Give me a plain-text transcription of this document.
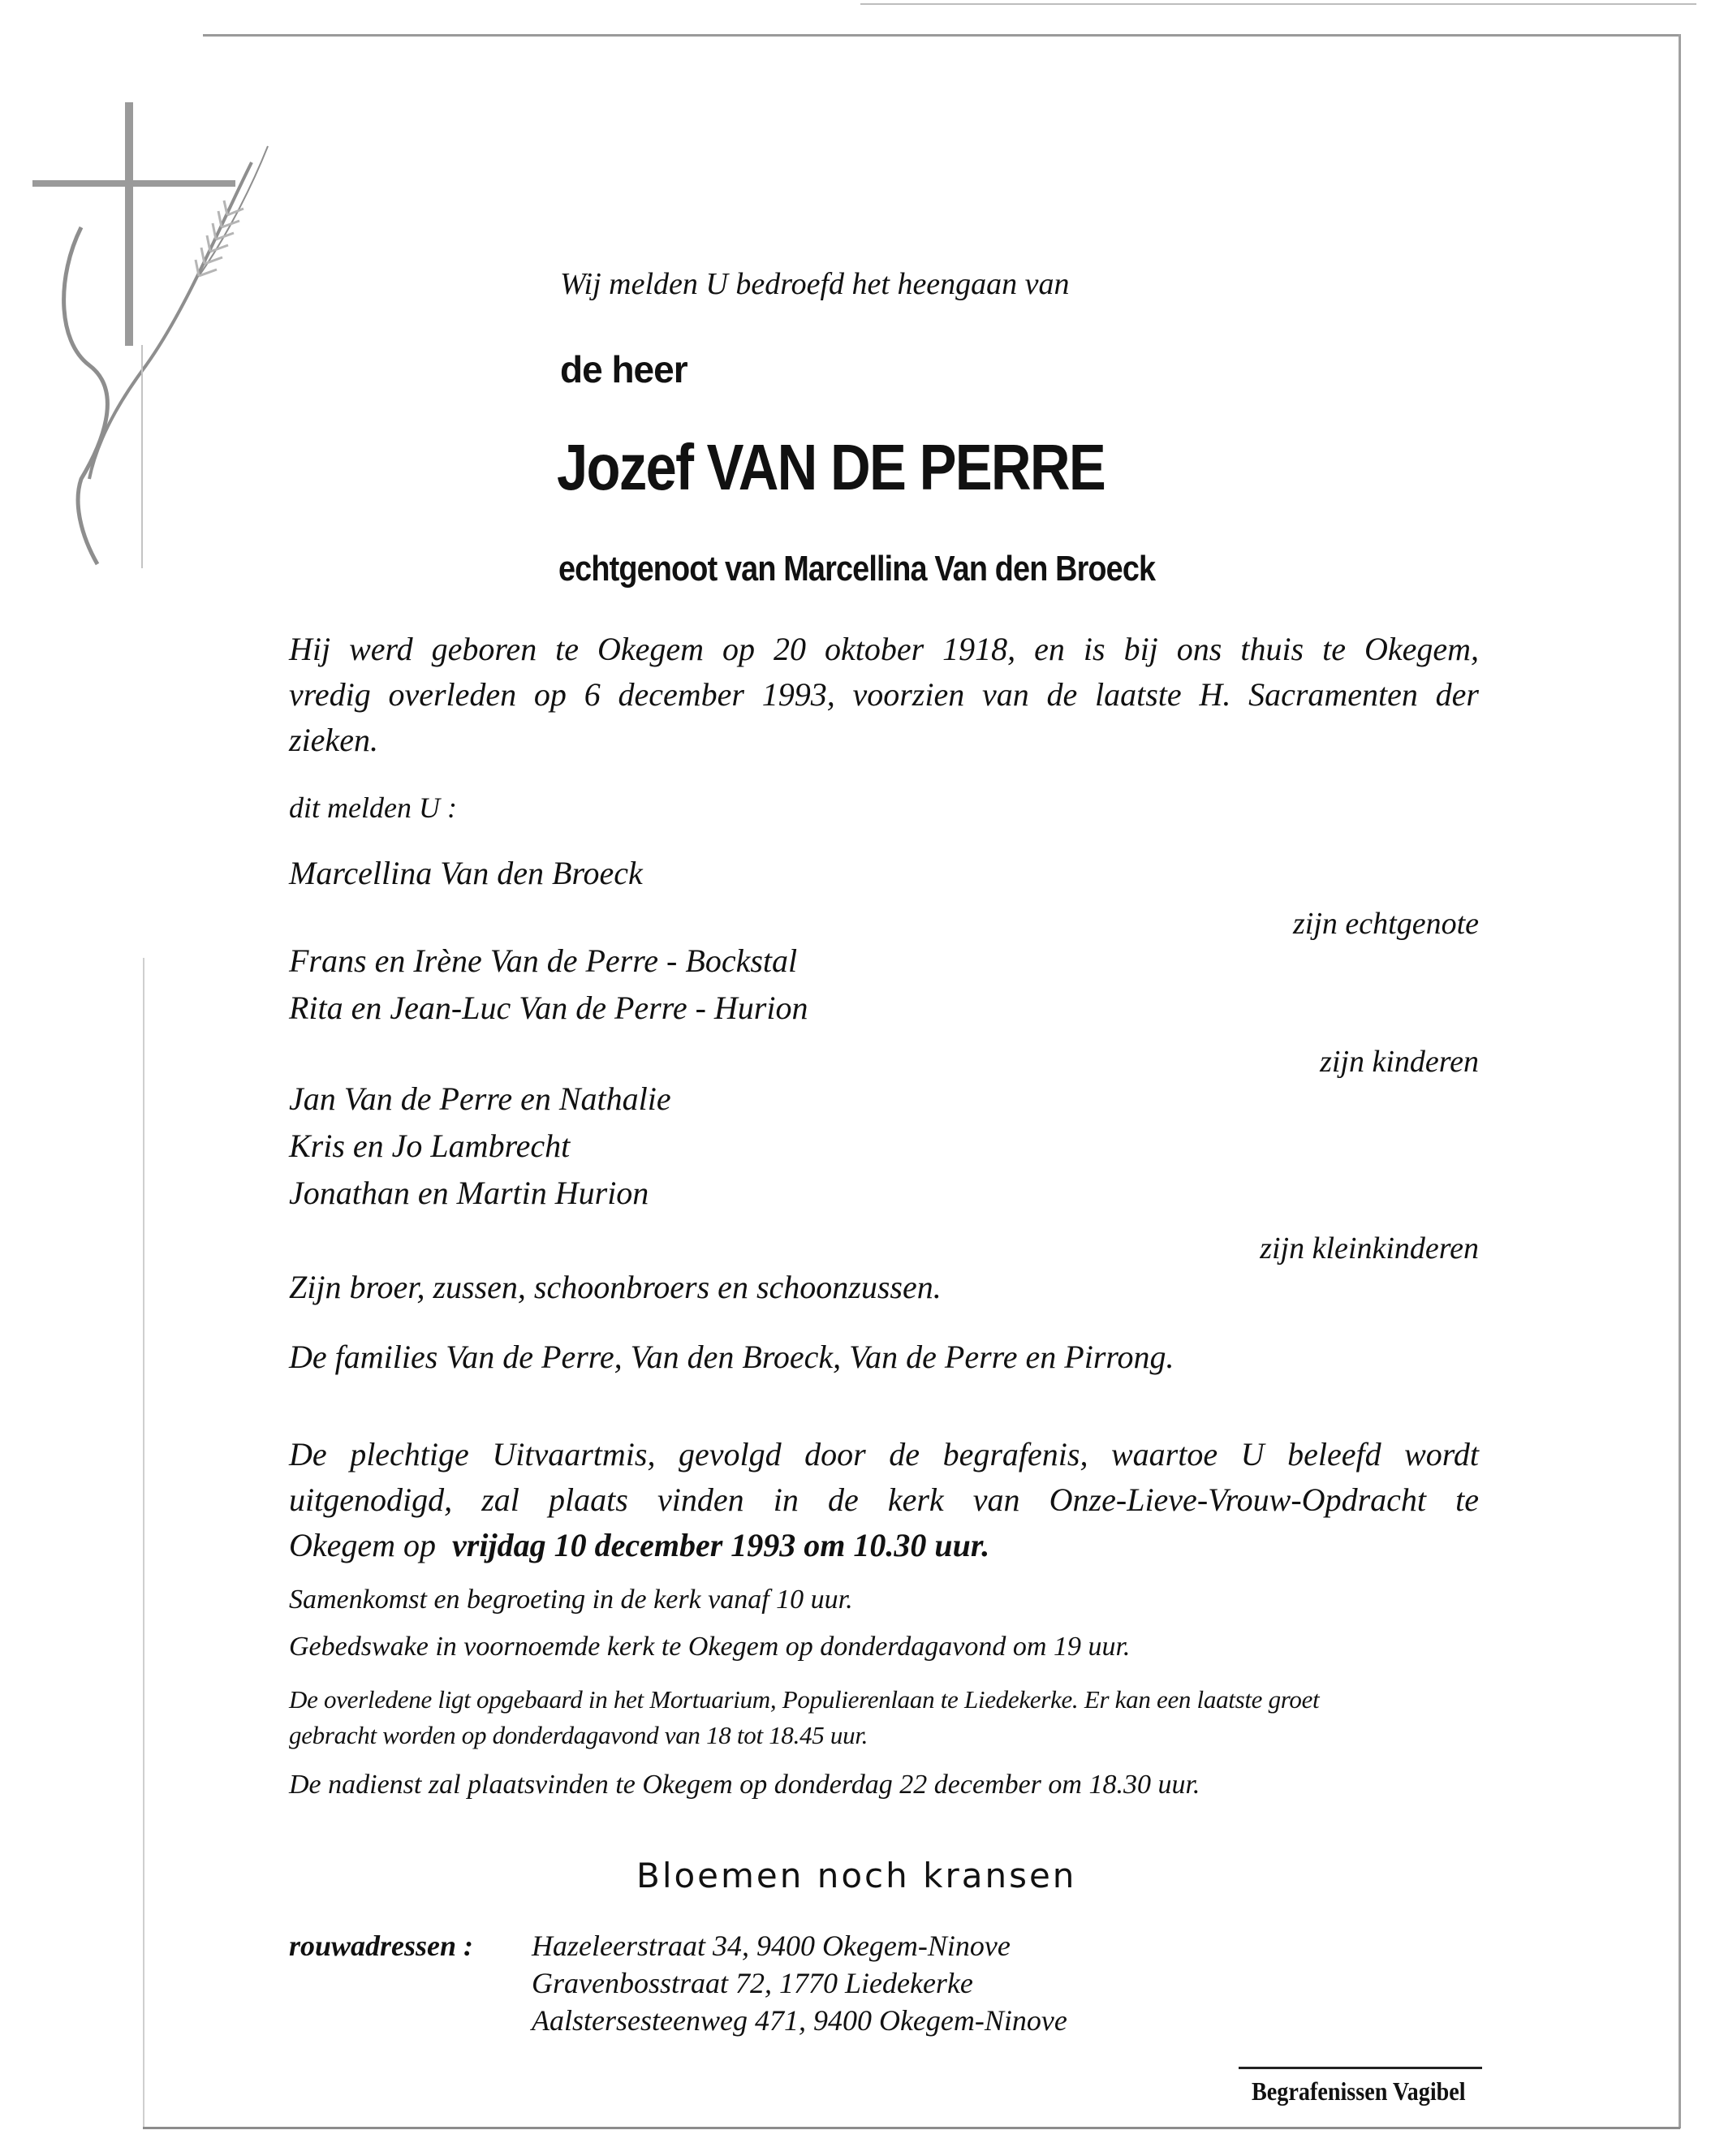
Wij melden U bedroefd het heengaan van
de heer
Jozef VAN DE PERRE
echtgenoot van Marcellina Van den Broeck
Hij werd geboren te Okegem op 20 oktober 1918, en is bij ons thuis te Okegem,
vredig overleden op 6 december 1993, voorzien van de laatste H. Sacramenten der
zieken.
dit melden U :
Marcellina Van den Broeck
zijn echtgenote
Frans en Irène Van de Perre - Bockstal
Rita en Jean-Luc Van de Perre - Hurion
zijn kinderen
Jan Van de Perre en Nathalie
Kris en Jo Lambrecht
Jonathan en Martin Hurion
zijn kleinkinderen
Zijn broer, zussen, schoonbroers en schoonzussen.
De families Van de Perre, Van den Broeck, Van de Perre en Pirrong.
De plechtige Uitvaartmis, gevolgd door de begrafenis, waartoe U beleefd wordt
uitgenodigd, zal plaats vinden in de kerk van Onze-Lieve-Vrouw-Opdracht te
Okegem op vrijdag 10 december 1993 om 10.30 uur.
Samenkomst en begroeting in de kerk vanaf 10 uur.
Gebedswake in voornoemde kerk te Okegem op donderdagavond om 19 uur.
De overledene ligt opgebaard in het Mortuarium, Populierenlaan te Liedekerke. Er kan een laatste groet
gebracht worden op donderdagavond van 18 tot 18.45 uur.
De nadienst zal plaatsvinden te Okegem op donderdag 22 december om 18.30 uur.
Bloemen noch kransen
rouwadressen : Hazeleerstraat 34, 9400 Okegem-Ninove
Gravenbosstraat 72, 1770 Liedekerke
Aalstersesteenweg 471, 9400 Okegem-Ninove
Begrafenissen Vagibel
